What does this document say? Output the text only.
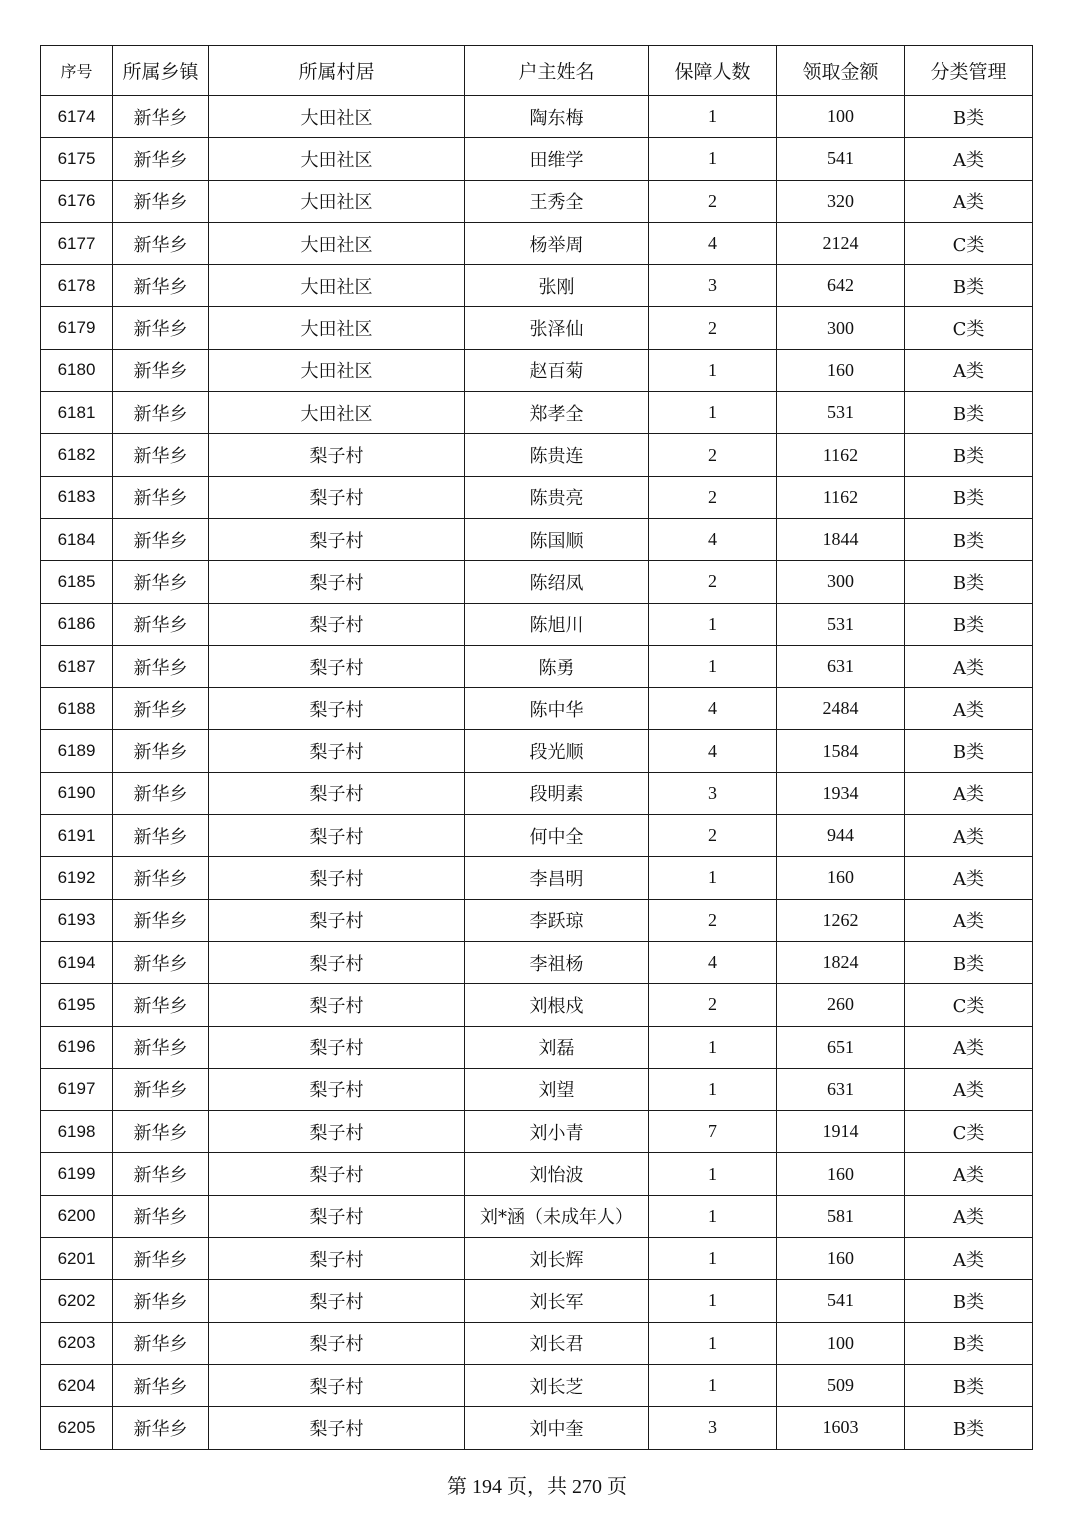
序号	所属乡镇	所属村居	户主姓名	保障人数	领取金额	分类管理
6174	新华乡	大田社区	陶东梅	1	100	B类
6175	新华乡	大田社区	田维学	1	541	A类
6176	新华乡	大田社区	王秀全	2	320	A类
6177	新华乡	大田社区	杨举周	4	2124	C类
6178	新华乡	大田社区	张刚	3	642	B类
6179	新华乡	大田社区	张泽仙	2	300	C类
6180	新华乡	大田社区	赵百菊	1	160	A类
6181	新华乡	大田社区	郑孝全	1	531	B类
6182	新华乡	梨子村	陈贵连	2	1162	B类
6183	新华乡	梨子村	陈贵亮	2	1162	B类
6184	新华乡	梨子村	陈国顺	4	1844	B类
6185	新华乡	梨子村	陈绍凤	2	300	B类
6186	新华乡	梨子村	陈旭川	1	531	B类
6187	新华乡	梨子村	陈勇	1	631	A类
6188	新华乡	梨子村	陈中华	4	2484	A类
6189	新华乡	梨子村	段光顺	4	1584	B类
6190	新华乡	梨子村	段明素	3	1934	A类
6191	新华乡	梨子村	何中全	2	944	A类
6192	新华乡	梨子村	李昌明	1	160	A类
6193	新华乡	梨子村	李跃琼	2	1262	A类
6194	新华乡	梨子村	李祖杨	4	1824	B类
6195	新华乡	梨子村	刘根戍	2	260	C类
6196	新华乡	梨子村	刘磊	1	651	A类
6197	新华乡	梨子村	刘望	1	631	A类
6198	新华乡	梨子村	刘小青	7	1914	C类
6199	新华乡	梨子村	刘怡波	1	160	A类
6200	新华乡	梨子村	刘*涵（未成年人）	1	581	A类
6201	新华乡	梨子村	刘长辉	1	160	A类
6202	新华乡	梨子村	刘长军	1	541	B类
6203	新华乡	梨子村	刘长君	1	100	B类
6204	新华乡	梨子村	刘长芝	1	509	B类
6205	新华乡	梨子村	刘中奎	3	1603	B类
第 194 页，共 270 页
